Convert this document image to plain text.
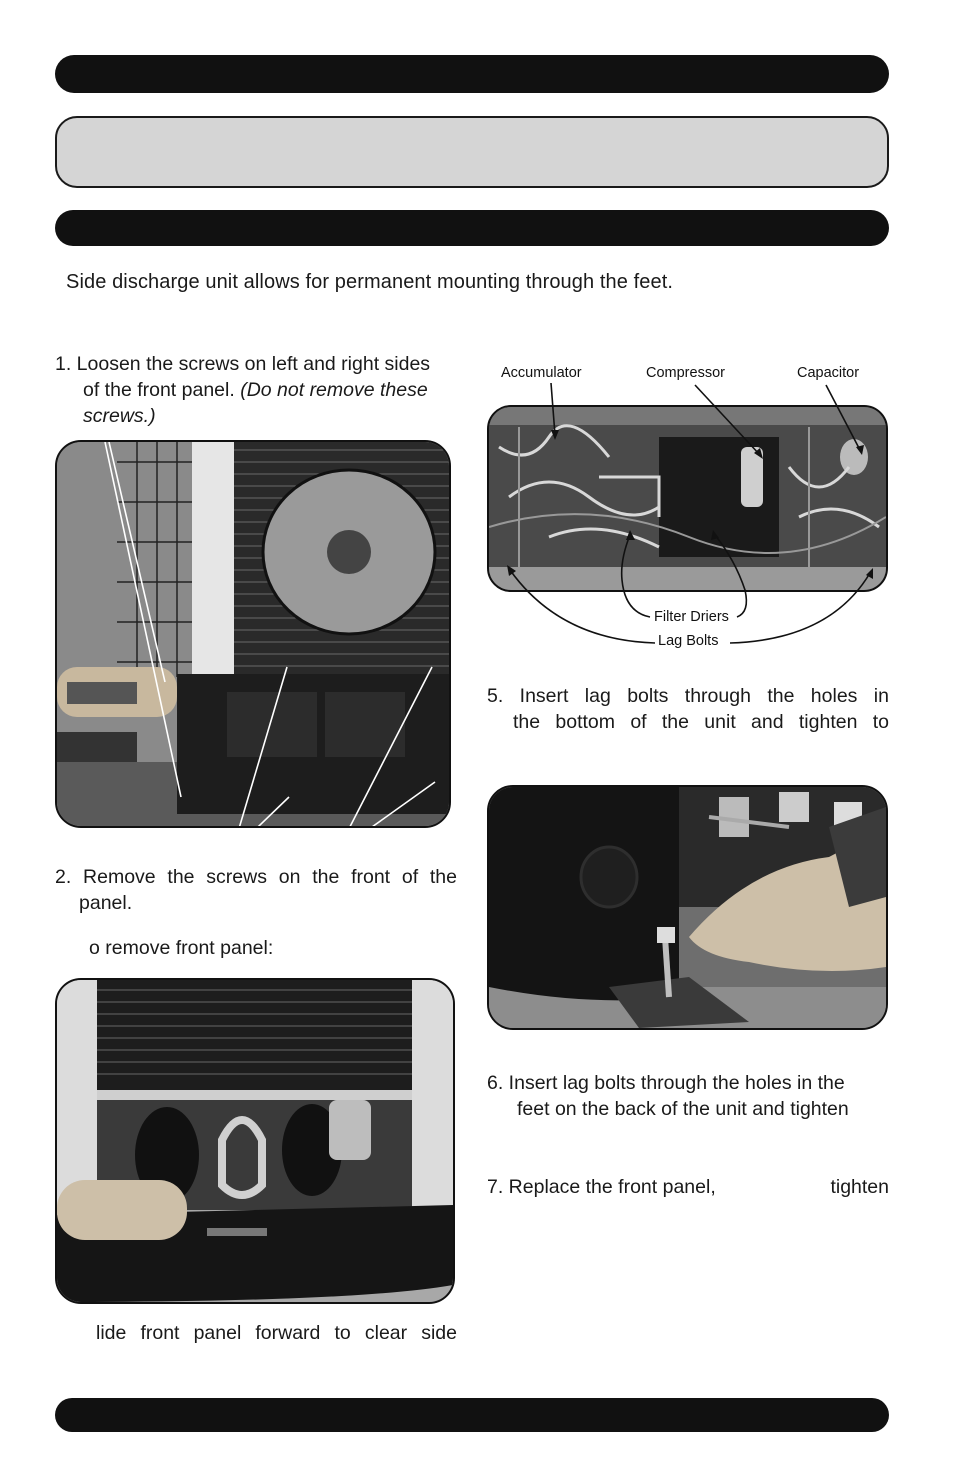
Side discharge unit allows for permanent mounting through the feet.
1. Loosen the screws on left and right sides
of the front panel. (Do not remove these
screws.)
2. Remove the screws on the front of the
panel.
o remove front panel:
lide front panel forward to clear side
Accumulator	Compressor	Capacitor
Filter Driers
Lag Bolts
5. Insert lag bolts through the holes in
the bottom of the unit and tighten to
6. Insert lag bolts through the holes in the
feet on the back of the unit and tighten
7. Replace the front panel,	tighten
